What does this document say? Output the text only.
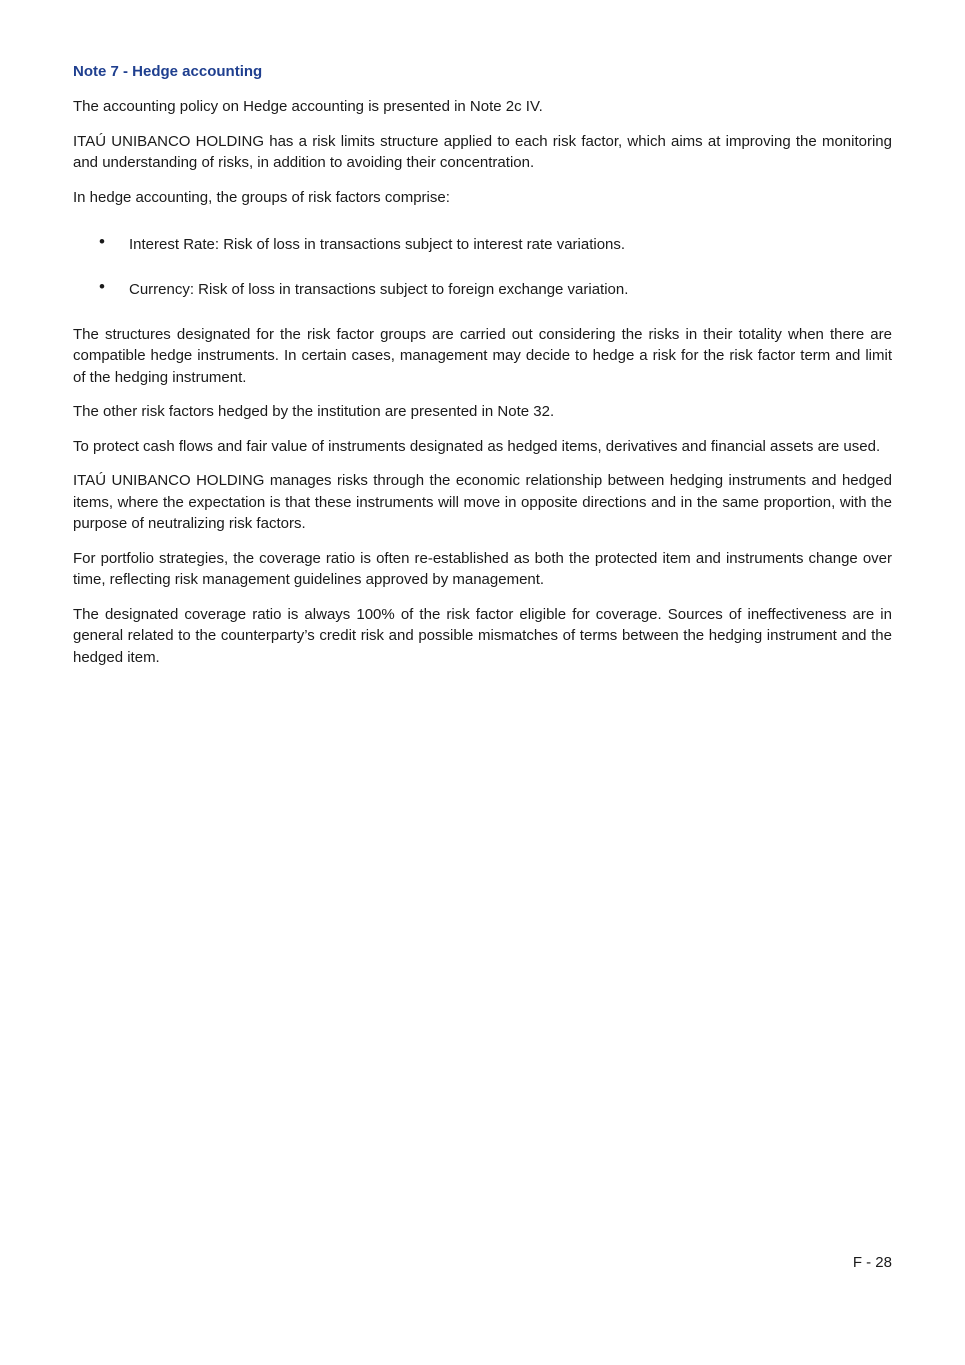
Note 7 - Hedge accounting

The accounting policy on Hedge accounting is presented in Note 2c IV.

ITAÚ UNIBANCO HOLDING has a risk limits structure applied to each risk factor, which aims at improving the monitoring and understanding of risks, in addition to avoiding their concentration.

In hedge accounting, the groups of risk factors comprise:

• Interest Rate: Risk of loss in transactions subject to interest rate variations.
• Currency: Risk of loss in transactions subject to foreign exchange variation.

The structures designated for the risk factor groups are carried out considering the risks in their totality when there are compatible hedge instruments. In certain cases, management may decide to hedge a risk for the risk factor term and limit of the hedging instrument.

The other risk factors hedged by the institution are presented in Note 32.

To protect cash flows and fair value of instruments designated as hedged items, derivatives and financial assets are used.

ITAÚ UNIBANCO HOLDING manages risks through the economic relationship between hedging instruments and hedged items, where the expectation is that these instruments will move in opposite directions and in the same proportion, with the purpose of neutralizing risk factors.

For portfolio strategies, the coverage ratio is often re-established as both the protected item and instruments change over time, reflecting risk management guidelines approved by management.

The designated coverage ratio is always 100% of the risk factor eligible for coverage. Sources of ineffectiveness are in general related to the counterparty’s credit risk and possible mismatches of terms between the hedging instrument and the hedged item.

F - 28
